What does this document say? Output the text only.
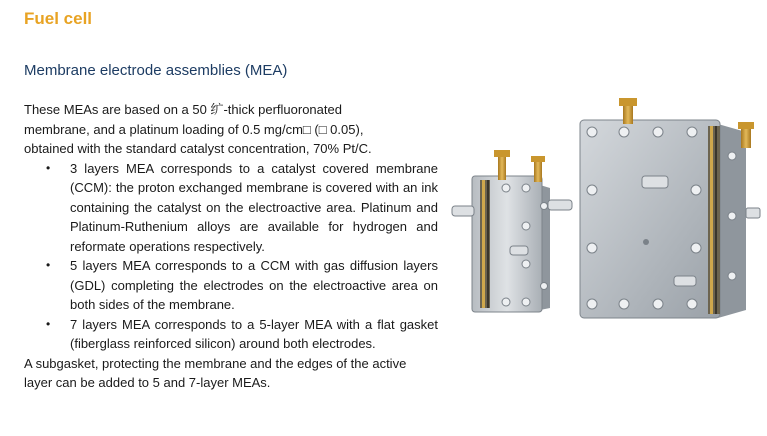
Fuel cell
Membrane electrode assemblies (MEA)

These MEAs are based on a 50 纩-thick perfluoronated

membrane, and a platinum loading of 0.5 mg/cm□ (□ 0.05),

obtained with the standard catalyst concentration, 70% Pt/C.

• 3 layers MEA corresponds to a catalyst covered membrane (CCM): the proton exchanged membrane is covered with an ink containing the catalyst on the electroactive area. Platinum and Platinum-Ruthenium alloys are available for hydrogen and reformate operations respectively.
• 5 layers MEA corresponds to a CCM with gas diffusion layers (GDL) completing the electrodes on the electroactive area on both sides of the membrane.
• 7 layers MEA corresponds to a 5-layer MEA with a flat gasket (fiberglass reinforced silicon) around both electrodes.

A subgasket, protecting the membrane and the edges of the active layer can be added to 5 and 7-layer MEAs.
